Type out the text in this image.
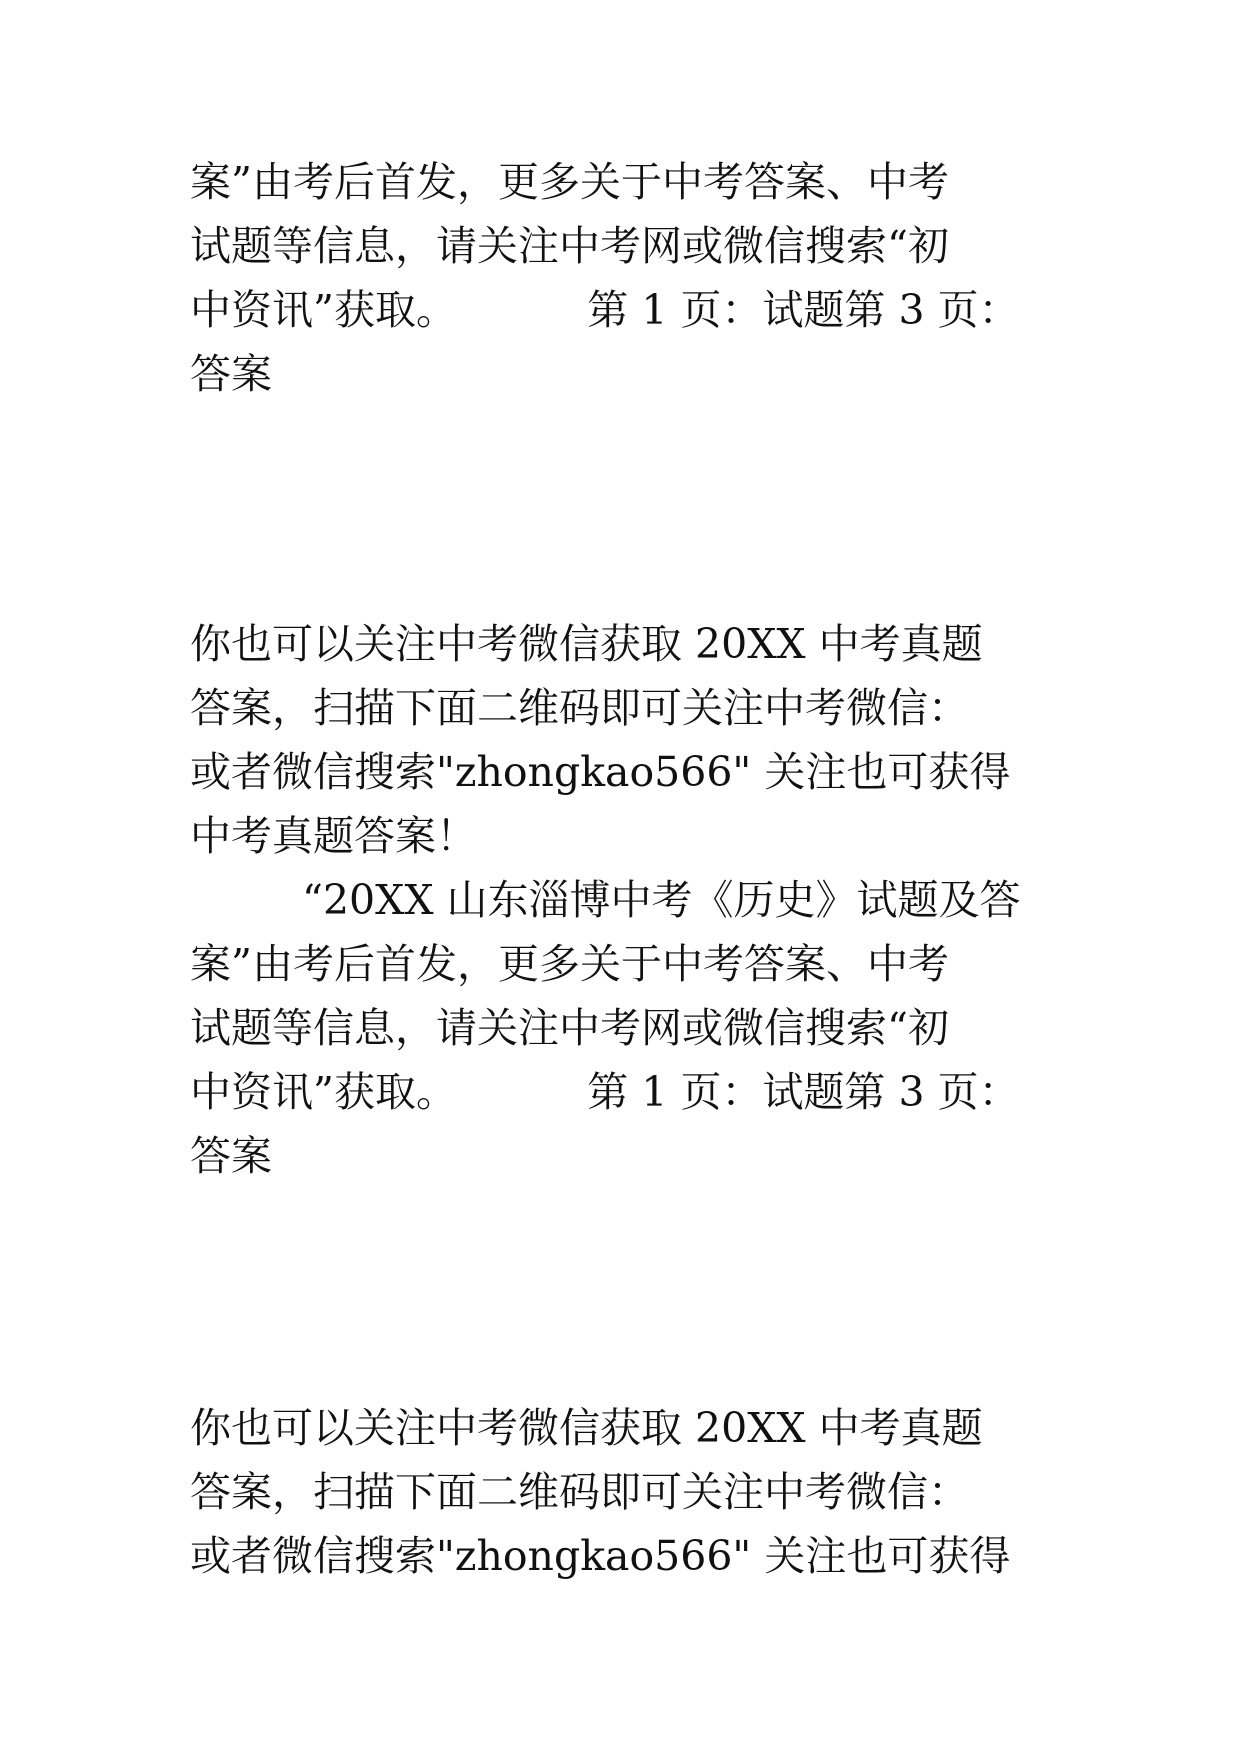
案”由考后首发，更多关于中考答案、中考
试题等信息，请关注中考网或微信搜索“初
中资讯”获取。          第 1 页：试题第 3 页：
答案
你也可以关注中考微信获取 20XX 中考真题
答案，扫描下面二维码即可关注中考微信：
或者微信搜索"zhongkao566" 关注也可获得
中考真题答案！
“20XX 山东淄博中考《历史》试题及答
案”由考后首发，更多关于中考答案、中考
试题等信息，请关注中考网或微信搜索“初
中资讯”获取。          第 1 页：试题第 3 页：
答案
你也可以关注中考微信获取 20XX 中考真题
答案，扫描下面二维码即可关注中考微信：
或者微信搜索"zhongkao566" 关注也可获得
